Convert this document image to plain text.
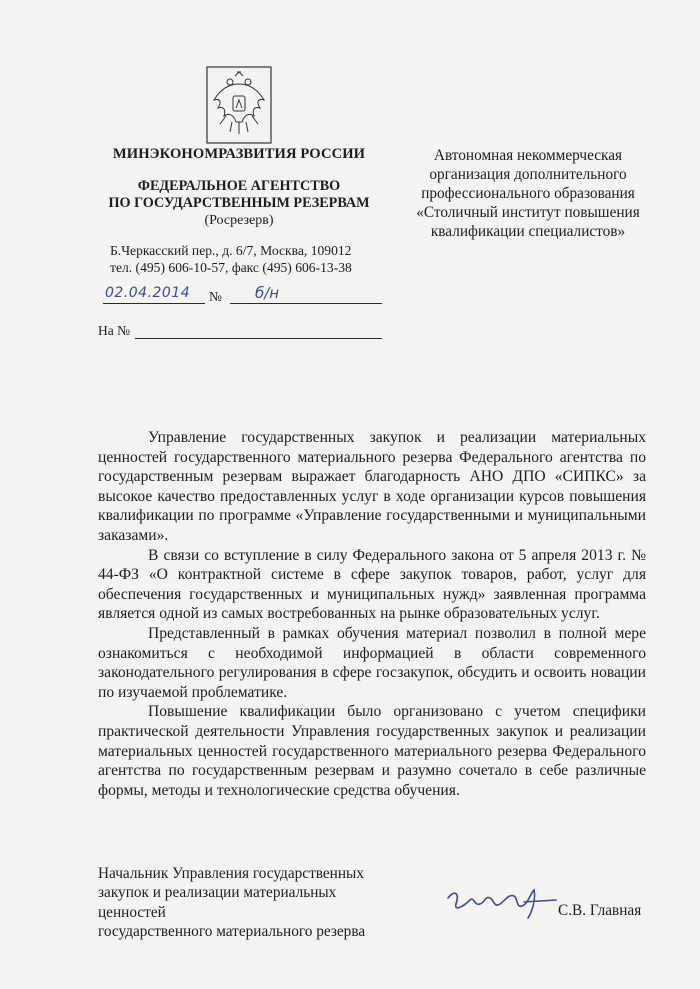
МИНЭКОНОМРАЗВИТИЯ РОССИИ
ФЕДЕРАЛЬНОЕ АГЕНТСТВО
ПО ГОСУДАРСТВЕННЫМ РЕЗЕРВАМ
(Росрезерв)
Б.Черкасский пер., д. 6/7, Москва, 109012
тел. (495) 606-10-57, факс (495) 606-13-38
Автономная некоммерческая
организация дополнительного
профессионального образования
«Столичный институт повышения
квалификации специалистов»
02.04.2014 № б/н
На №

Управление государственных закупок и реализации материальных ценностей государственного материального резерва Федерального агентства по государственным резервам выражает благодарность АНО ДПО «СИПКС» за высокое качество предоставленных услуг в ходе организации курсов повышения квалификации по программе «Управление государственными и муниципальными заказами».

В связи со вступление в силу Федерального закона от 5 апреля 2013 г. № 44-ФЗ «О контрактной системе в сфере закупок товаров, работ, услуг для обеспечения государственных и муниципальных нужд» заявленная программа является одной из самых востребованных на рынке образовательных услуг.

Представленный в рамках обучения материал позволил в полной мере ознакомиться с необходимой информацией в области современного законодательного регулирования в сфере госзакупок, обсудить и освоить новации по изучаемой проблематике.

Повышение квалификации было организовано с учетом специфики практической деятельности Управления государственных закупок и реализации материальных ценностей государственного материального резерва Федерального агентства по государственным резервам и разумно сочетало в себе различные формы, методы и технологические средства обучения.

Начальник Управления государственных
закупок и реализации материальных ценностей
государственного материального резерва
С.В. Главная
